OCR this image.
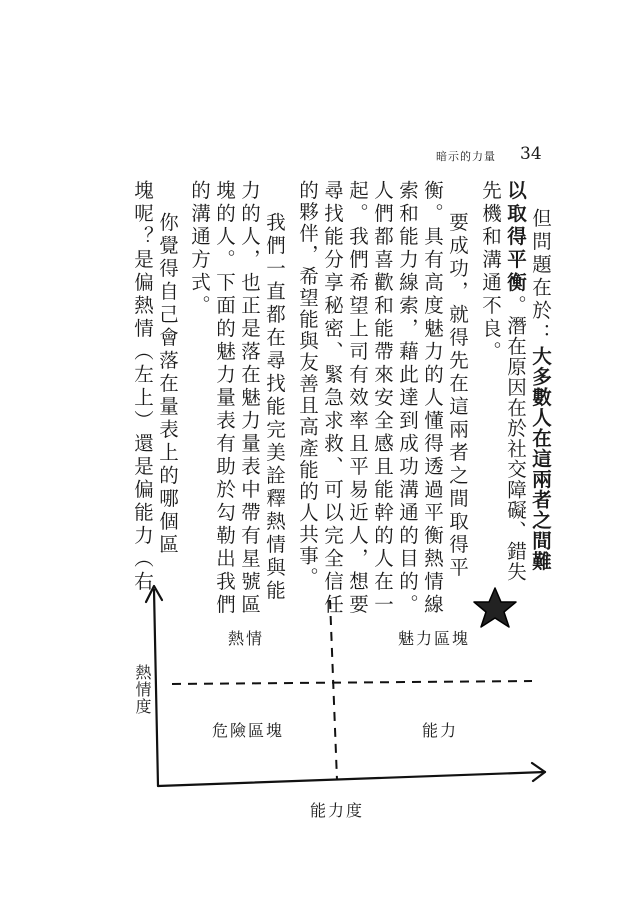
暗示的力量 34
但問題在於：大多數人在這兩者之間難
以取得平衡。潛在原因在於社交障礙、錯失
先機和溝通不良。
要成功，就得先在這兩者之間取得平
衡。具有高度魅力的人懂得透過平衡熱情線
索和能力線索，藉此達到成功溝通的目的。
人們都喜歡和能帶來安全感且能幹的人在一
起。我們希望上司有效率且平易近人，想要
尋找能分享秘密、緊急求救、可以完全信任
的夥伴，希望能與友善且高產能的人共事。
我們一直都在尋找能完美詮釋熱情與能
力的人，也正是落在魅力量表中帶有星號區
塊的人。下面的魅力量表有助於勾勒出我們
的溝通方式。
你覺得自己會落在量表上的哪個區
塊呢？是偏熱情（左上）還是偏能力（右
熱情	魅力區塊
危險區塊	能力
熱情度
能力度
